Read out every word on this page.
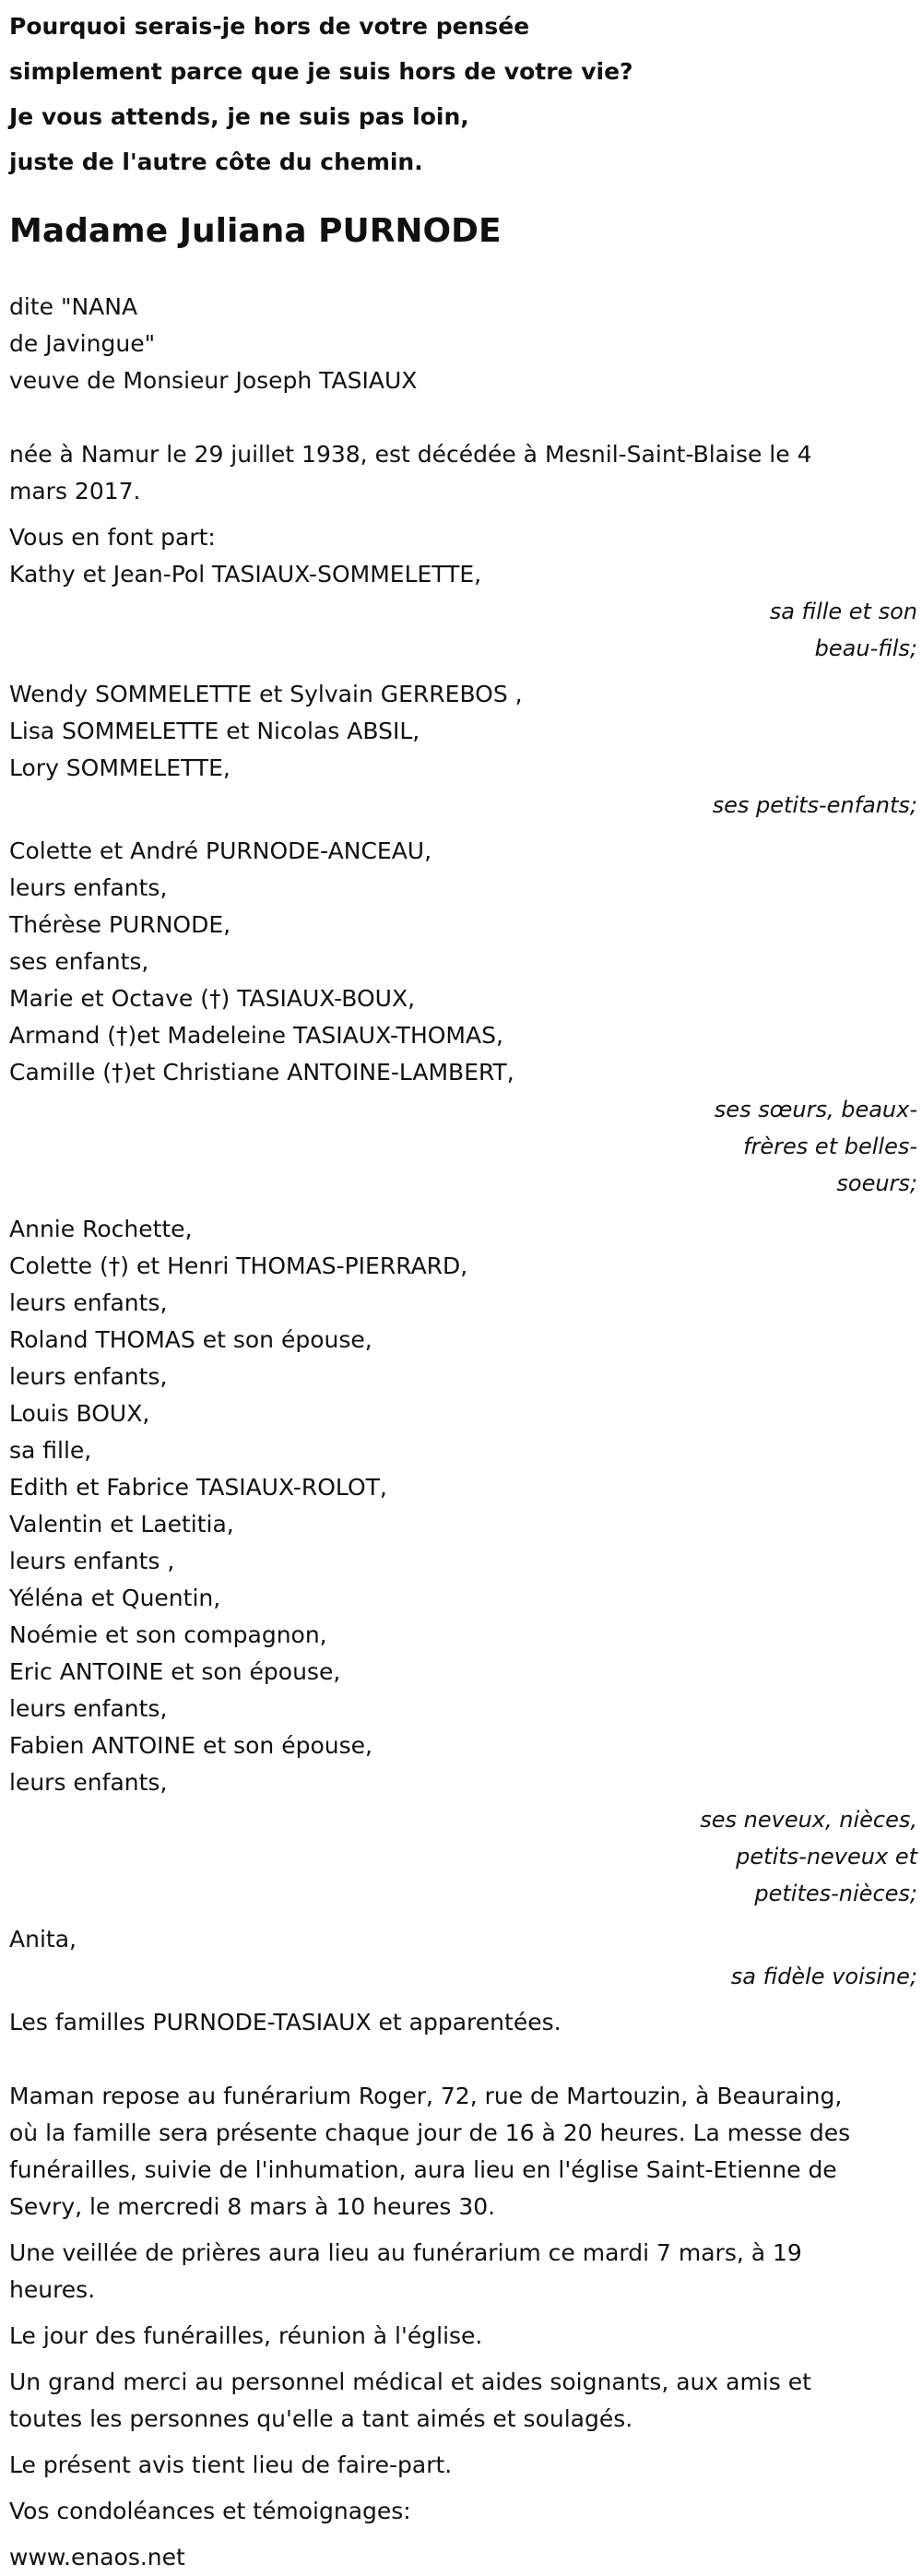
Pourquoi serais-je hors de votre pensée

simplement parce que je suis hors de votre vie?

Je vous attends, je ne suis pas loin,

juste de l'autre côte du chemin.

Madame Juliana PURNODE

dite "NANA

de Javingue"

veuve de Monsieur Joseph TASIAUX

née à Namur le 29 juillet 1938, est décédée à Mesnil-Saint-Blaise le 4

mars 2017.

Vous en font part:

Kathy et Jean-Pol TASIAUX-SOMMELETTE,

sa fille et son

beau-fils;

Wendy SOMMELETTE et Sylvain GERREBOS ,

Lisa SOMMELETTE et Nicolas ABSIL,

Lory SOMMELETTE,

ses petits-enfants;

Colette et André PURNODE-ANCEAU,

leurs enfants,

Thérèse PURNODE,

ses enfants,

Marie et Octave (†) TASIAUX-BOUX,

Armand (†)et Madeleine TASIAUX-THOMAS,

Camille (†)et Christiane ANTOINE-LAMBERT,

ses sœurs, beaux-

frères et belles-

soeurs;

Annie Rochette,

Colette (†) et Henri THOMAS-PIERRARD,

leurs enfants,

Roland THOMAS et son épouse,

leurs enfants,

Louis BOUX,

sa fille,

Edith et Fabrice TASIAUX-ROLOT,

Valentin et Laetitia,

leurs enfants ,

Yéléna et Quentin,

Noémie et son compagnon,

Eric ANTOINE et son épouse,

leurs enfants,

Fabien ANTOINE et son épouse,

leurs enfants,

ses neveux, nièces,

petits-neveux et

petites-nièces;

Anita,

sa fidèle voisine;

Les familles PURNODE-TASIAUX et apparentées.

Maman repose au funérarium Roger, 72, rue de Martouzin, à Beauraing,

où la famille sera présente chaque jour de 16 à 20 heures. La messe des

funérailles, suivie de l'inhumation, aura lieu en l'église Saint-Etienne de

Sevry, le mercredi 8 mars à 10 heures 30.

Une veillée de prières aura lieu au funérarium ce mardi 7 mars, à 19

heures.

Le jour des funérailles, réunion à l'église.

Un grand merci au personnel médical et aides soignants, aux amis et

toutes les personnes qu'elle a tant aimés et soulagés.

Le présent avis tient lieu de faire-part.

Vos condoléances et témoignages:

www.enaos.net
